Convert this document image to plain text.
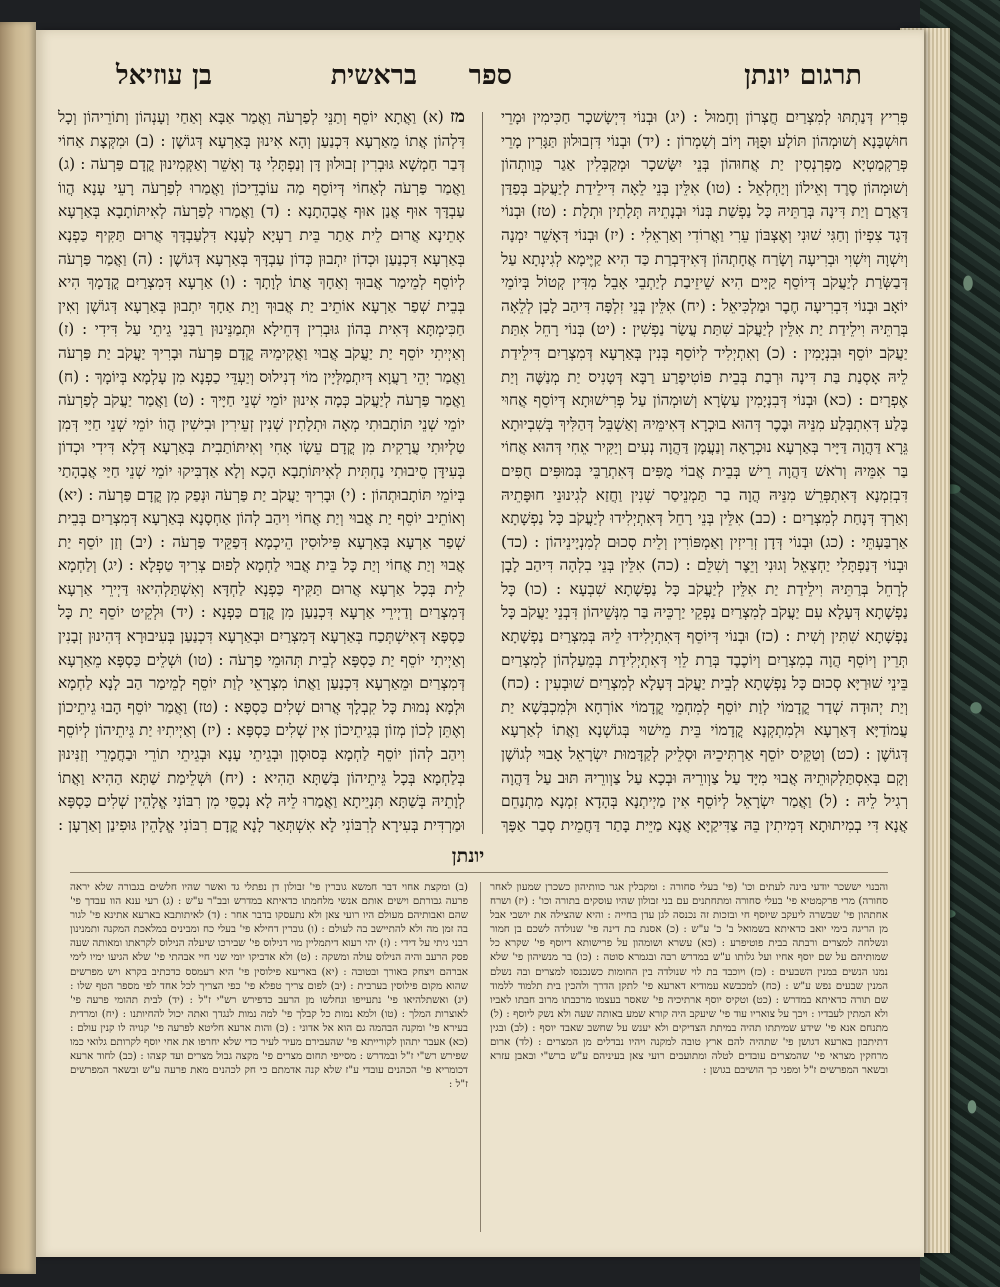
תרגום יונתן
ספר
בראשית
בן עוזיאל

פְּרִיץ דְּנַתְתּוּ לְמִצְרַיִם חֲצְרוֹן וְחָמוּל : (יג) וּבְנוֹי דִּיְשָׂשכָר חַכִּימִין וּמָרֵי חוּשְׁבָּנָא וְשׁוּמְהוֹן תּוֹלָע וּפֻוָּה וְיוֹב וְשִׁמְרוֹן : (יד) וּבְנוֹי דִּזְבוּלוּן תַּגָּרִין מָרֵי פְּרַקְמַטְיָא מַפְרְנְסִין יַת אֲחוּהוֹן בְּנֵי יִשָּׂשכָר וּמְקַבְּלִין אַגַר כְּוַותְהוֹן וְשׁוּמְהוֹן סֶרֶד וְאֵילוֹן וְיַחְלְאֵל : (טו) אִלֵּין בְּנֵי לֵאָה דִּילֵידַת לְיַעֲקֹב בְּפַדַּן דַּאֲרָם וְיַת דִּינָה בְּרַתֵּיהּ כָּל נַפְשַׁת בְּנוֹי וּבְנָתֵיהּ תְּלָתִין וּתְלָת : (טז) וּבְנוֹי דְּגָד צִפְיוֹן וְחַגִּי שׁוּנִי וְאֶצְבּוֹן עֵרִי וַאֲרוֹדִי וְאַרְאֵלִי : (יז) וּבְנוֹי דְּאָשֵׁר יִמְנָה וְיִשְׁוָה וְיִשְׁוִי וּבְרִיעָה וְשָׂרַח אֲחָתְהוֹן דְּאִידְּבְרַת כַּד הִיא קַיֶּימָא לְגִינְתָא עַל דְּבַשְּׂרַת לְיַעֲקֹב דְּיוֹסֵף קַיָּים הִיא שֵׁיזֵיבַת לְיַתְבֵי אָבֵל מִדִּין קְטוֹל בְּיוֹמֵי יוֹאָב וּבְנוֹי דִּבְרִיעָה חֶבֶר וּמַלְכִּיאֵל : (יח) אִלֵּין בְּנֵי זִלְפָּה דִּיהַב לָבָן לְלֵאָה בְּרַתֵּיהּ וִילֵידַת יַת אִלֵּין לְיַעֲקֹב שִׁתַּת עֲשַׂר נַפְשִׁין : (יט) בְּנוֹי רָחֵל אִתַּת יַעֲקֹב יוֹסֵף וּבִנְיָמִין : (כ) וְאִתְיְלִיד לְיוֹסֵף בְּנִין בְּאַרְעָא דְּמִצְרַיִם דִּילֵידַת לֵיהּ אָסְנַת בַּת דִּינָה וּרְבַת בְּבֵית פּוֹטִיפֶרַע רַבָּא דְּטָנִיס יַת מְנַשֶּׁה וְיַת אֶפְרָיִם : (כא) וּבְנוֹי דְּבִנְיָמִין עַשְׂרָא וְשׁוּמְהוֹן עַל פְּרִישׁוּתָא דְּיוֹסֵף אֲחוּי בֶּלַע דְּאִתְבְּלַע מִנֵּיהּ וּבֶכֶר דְּהוּא בוּכְרָא דְּאִימֵּיהּ וְאַשְׁבֵּל דְּהַלִּיךְ בְּשִׁבְיוּתָא גֵּרָא דַּהֲוָה דַּיָּיר בְּאַרְעָא נוּכְרָאָה וְנַעֲמָן דַּהֲוָה נְעִים וְיַקִּיר אֵחִי דְּהוּא אֲחוֹי בַּר אִמֵּיהּ וְרֹאשׁ דַּהֲוָה רֵישׁ בְּבֵית אֲבוֹי מֻפִּים דְּאִתְרַבֵּי בְּמוּפִּים חֻפִּים דִּבְזִמְנָא דְּאִתְפְּרֵשׁ מִנֵּיהּ הֲוָה בַר תַּמְנֵיסַר שְׁנִין וַחֲזַא לְגִינוּנֵי חוּפָּתֵיהּ וְאַרְדְּ דְּנָחַת לְמִצְרַיִם : (כב) אִלֵּין בְּנֵי רָחֵל דְּאִתְיְלִידוּ לְיַעֲקֹב כָּל נַפְשָׁתָא אַרְבַּעְתֵּי : (כג) וּבְנוֹי דְּדָן זְרִיזִין וְאַמְפּוֹרִין וְלֵית סְכוּם לְמִנְיָינֵיהוֹן : (כד) וּבְנוֹי דְּנַפְתָּלִי יַחְצְאֵל וְגוּנִי וְיֵצֶר וְשִׁלֵּם : (כה) אִלֵּין בְּנֵי בִלְהָה דִּיהַב לָבָן לְרָחֵל בְּרַתֵּיהּ וִילֵידַת יַת אִלֵּין לְיַעֲקֹב כָּל נַפְשָׁתָא שִׁבְעָא : (כו) כָּל נַפְשָׁתָא דְּעָלָא עִם יַעֲקֹב לְמִצְרַיִם נַפְקֵי יַרְכֵּיהּ בַּר מִנְּשֵׁיהוֹן דִּבְנֵי יַעֲקֹב כָּל נַפְשָׁתָא שִׁתִּין וְשִׁית : (כז) וּבְנוֹי דְּיוֹסֵף דְּאִתְיְלִידוּ לֵיהּ בְּמִצְרַיִם נַפְשָׁתָא תְּרֵין וְיוֹסֵף הֲוָה בְמִצְרַיִם וְיוֹכֶבֶד בְּרַת לֵוִי דְּאִתְיְלִידַת בְּמֵעַלְהוֹן לְמִצְרַיִם בֵּינֵי שׁוּרַיָּא סְכוּם כָּל נַפְשָׁתָא לְבֵית יַעֲקֹב דְּעָלָא לְמִצְרַיִם שׁוּבְעִין : (כח) וְיַת יְהוּדָה שְׁדַר קֳדָמוֹי לְוַת יוֹסֵף לְמִחְמֵי קֳדָמוֹי אוֹרְחָא וּלְמִכְבְּשָׁא יַת עֲמוֹדַיָּא דְּאַרְעָא וּלְמִתְקְנָא קֳדָמוֹי בֵּית מֵישׁוּי בְּגוֹשְׁנָא וַאֲתוֹ לְאַרְעָא דְּגוֹשֶׁן : (כט) וְטַקֵּיס יוֹסֵף אַרְתִּיכֵיהּ וּסְלֵיק לְקַדָּמוּת יִשְׂרָאֵל אָבוּי לְגוֹשֶׁן וְקָם בְּאִסְתַּלְקוּתֵיהּ אֲבוּי מִיָּד עַל צַוְורֵיהּ וּבְכָא עַל צַוְורֵיהּ תּוּב עַל דַּהֲוָה רְגִיל לֵיהּ : (ל) וַאֲמַר יִשְׂרָאֵל לְיוֹסֵף אִין מַיְיתְנָא בְּהָדָא זִמְנָא מִתְנַחֵם אֲנָא דִּי בְמִיתוּתָא דְּמִיתִין בֵּהּ צַדִּיקַיָּא אֲנָא מַיֵּית בָּתַר דַּחֲמֵית סְבַר אַפָּךְ

מז (א) וַאֲתָא יוֹסֵף וְתַנֵּי לְפַרְעֹה וַאֲמַר אַבָּא וְאַחַי וְעָנְהוֹן וְתוֹרֵיהוֹן וְכָל דִּלְהוֹן אֲתוֹ מֵאַרְעָא דִּכְנַעַן וְהָא אִינוּן בְּאַרְעָא דְּגוֹשֶׁן : (ב) וּמִקְּצָת אַחוֹי דְּבַר חַמְשָׁא גּוּבְרִין זְבוּלוּן דָּן וְנַפְתָּלִי גָּד וְאָשֵׁר וְאַקְּמִינוּן קֳדָם פַּרְעֹה : (ג) וַאֲמַר פַּרְעֹה לְאַחוֹי דְּיוֹסֵף מַה עוֹבָדֵיכוֹן וַאֲמַרוּ לְפַרְעֹה רָעֵי עָנָא הֲווֹ עַבְדָּךְ אוּף אֲנַן אוּף אֲבָהָתָנָא : (ד) וַאֲמַרוּ לְפַרְעֹה לְאִיתּוֹתָבָא בְּאַרְעָא אָתֵינָא אֲרוּם לֵית אַתַר בֵּית רַעְיָא לְעָנָא דִּלְעַבְדָּךְ אֲרוּם תַּקִּיף כַּפְנָא בְּאַרְעָא דִּכְנַעַן וּכְדוֹן יִתְבוּן כְּדוֹן עַבְדָּךְ בְּאַרְעָא דְּגוֹשֶׁן : (ה) וַאֲמַר פַּרְעֹה לְיוֹסֵף לְמֵימַר אֲבוּךְ וְאַחָךְ אֲתוֹ לְוָתָךְ : (ו) אַרְעָא דְּמִצְרַיִם קֳדָמָךְ הִיא בְּבֵית שְׁפַר אַרְעָא אוֹתֵיב יַת אֲבוּךְ וְיַת אַחָךְ יִתְבוּן בְּאַרְעָא דְּגוֹשֶׁן וְאִין חַכִּימְתָּא דְּאִית בְּהוֹן גּוּבְרִין דְּחֵילָא וּתְמַנֵּינוּן רַבָּנֵי גֵיתֵי עַל דִּידִי : (ז) וְאַיְיתִי יוֹסֵף יַת יַעֲקֹב אֲבוּי וַאֲקִימֵיהּ קֳדָם פַּרְעֹה וּבָרִיךְ יַעֲקֹב יַת פַּרְעֹה וַאֲמַר יְהֵי רַעֲוָא דְּיִתְמַלְּיָין מוֹי דְנִילוּס וְיַעְדֵּי כַפְנָא מִן עָלְמָא בְּיוֹמָךְ : (ח) וַאֲמַר פַּרְעֹה לְיַעֲקֹב כְּמָה אִינוּן יוֹמֵי שְׁנֵי חַיָּיךְ : (ט) וַאֲמַר יַעֲקֹב לְפַרְעֹה יוֹמֵי שְׁנֵי תּוֹתָבוּתִי מְאָה וּתְלָתִין שְׁנִין זְעֵירִין וּבִישִׁין הֲווֹ יוֹמֵי שְׁנֵי חַיַּי דְּמִן טַלְיוּתִי עֲרָקִית מִן קֳדָם עֵשָׂו אָחִי וְאִיתּוֹתַבִית בְּאַרְעָא דְּלָא דִּידִי וּכְדוֹן בְּעִידָּן סֵיבוּתִי נַחְתִּית לְאִיתּוֹתָבָא הָכָא וְלָא אַדְבִּיקוּ יוֹמֵי שְׁנֵי חַיַּי אֲבָהָתַי בְּיוֹמֵי תּוֹתָבוּתְהוֹן : (י) וּבָרִיךְ יַעֲקֹב יַת פַּרְעֹה וּנְפַק מִן קֳדָם פַּרְעֹה : (יא) וְאוֹתֵיב יוֹסֵף יַת אֲבוּי וְיַת אֲחוֹי וִיהַב לְהוֹן אַחְסָנָא בְּאַרְעָא דְּמִצְרַיִם בְּבֵית שְׁפַר אַרְעָא בְּאַרְעָא פִּילוּסִין הֵיכְמָא דְּפַקֵּיד פַּרְעֹה : (יב) וְזַן יוֹסֵף יַת אֲבוּי וְיַת אֲחוֹי וְיַת כָּל בֵּית אֲבוּי לַחְמָא לְפוּם צְרִיךְ טַפְלָא : (יג) וְלַחְמָא לֵית בְּכָל אַרְעָא אֲרוּם תַּקִּיף כַּפְנָא לַחְדָּא וְאִשְׁתַּלְהִיאוּ דַּיְירֵי אַרְעָא דְּמִצְרַיִם וְדַיְירֵי אַרְעָא דִּכְנַעַן מִן קֳדָם כַּפְנָא : (יד) וּלְקֵיט יוֹסֵף יַת כָּל כַּסְפָּא דְּאִישְׁתְּכַח בְּאַרְעָא דְּמִצְרַיִם וּבְאַרְעָא דִּכְנַעַן בְּעִיבוּרָא דְּהִינוּן זְבָנִין וְאַיְיתִי יוֹסֵף יַת כַּסְפָּא לְבֵית תְּהוּמֵי פַרְעֹה : (טו) וּשְׁלֵים כַּסְפָּא מֵאַרְעָא דְּמִצְרַיִם וּמֵאַרְעָא דִּכְנַעַן וַאֲתוֹ מִצְרָאֵי לְוַת יוֹסֵף לְמֵימַר הַב לָנָא לַחְמָא וּלְמָא נְמוּת כָּל קִבְלָךְ אֲרוּם שְׁלִים כַּסְפָּא : (טז) וַאֲמַר יוֹסֵף הָבוּ גֵיתֵיכוֹן וְאֶתֵּן לְכוֹן מְזוֹן בְּגֵיתֵיכוֹן אִין שְׁלִים כַּסְפָּא : (יז) וְאַיְיתִיוּ יַת גֵּיתֵיהוֹן לְיוֹסֵף וִיהַב לְהוֹן יוֹסֵף לַחְמָא בְּסוּסְוָן וּבְגֵיתֵי עָנָא וּבְגֵיתֵי תוֹרֵי וּבַחֲמָרֵי וְזַנִּינוּן בְּלַחְמָא בְּכָל גֵּיתֵיהוֹן בְּשַׁתָּא הַהִיא : (יח) וּשְׁלֵימַת שַׁתָּא הַהִיא וַאֲתוֹ לְוָתֵיהּ בְּשַׁתָּא תִּנְיֵיתָא וַאֲמַרוּ לֵיהּ לָא נְכַסֵּי מִן רִבּוֹנִי אֱלָהֵין שְׁלִים כַּסְפָּא וּמַרְדִּית בְּעִירָא לְרִבּוֹנִי לָא אִשְׁתְּאַר לָנָא קֳדָם רִבּוֹנִי אֱלָהֵין גּוּפִינַן וְאַרְעָן :

יונתן

והבנוי יששכר יודעי בינה לעתים וכו' (פי' בעלי סחורה : ומקבלין אגר כוותיהון כשכרן שמעון לאחר סחורה) מרי פרקמטיא פי' בעלי סחורה ומתחתנים עם בני זבולון שהיו עוסקים בתורה וכו' : (יז) ושרח אחתהון פי' שבשרה ליעקב שיוסף חי ובזכות זה נכנסה לגן עדן בחייה : והיא שהצילה את יושבי אבל מן הריגה בימי יואב כדאיתא בשמואל ב' כ' ע"ש : (כ) אסנת בת דינה פי' שנולדה לשכם בן חמור ונשלחה למצרים ורבתה בבית פוטיפרע : (כא) עשרא ושומהון על פרישותא דיוסף פי' שקרא כל שמותיהם על שם יוסף אחיו ועל גלותו ע"ש במדרש רבה ובגמרא סוטה : (כו) בר מנשיהון פי' שלא נמנו הנשים במנין השבעים : (כז) ויוכבד בת לוי שנולדה בין החומות כשנכנסו למצרים ובה נשלם המנין שבעים נפש ע"ש : (כח) למכבשא עמודיא דארעא פי' לתקן הדרך ולהכין בית תלמוד ללמוד שם תורה כדאיתא במדרש : (כט) וטקיס יוסף ארתיכיה פי' שאסר בעצמו מרכבתו מרוב חבתו לאביו ולא המתין לעבדיו : ויבך על צואריו עוד פי' שיעקב היה קורא שמע באותה שעה ולא נשק ליוסף : (ל) מתנחם אנא פי' שידע שמיתתו תהיה במיתת הצדיקים ולא יענש על שחשב שאבד יוסף : (לב) ובגין דתיתבון בארעא דגושן פי' שתהיה להם ארץ טובה למקנה ויהיו נבדלים מן המצרים : (לד) ארום מרחקין מצראי פי' שהמצרים עובדים לטלה ומתועבים רועי צאן בעיניהם ע"ש ברש"י ובאבן עזרא ובשאר המפרשים ז"ל ומפני כך הושיבם בגושן :

(ב) ומקצת אחוי דבר חמשא גוברין פי' זבולון דן נפתלי גד ואשר שהיו חלשים בגבורה שלא יראה פרעה גבורתם וישים אותם אנשי מלחמתו כדאיתא במדרש ובב"ר ע"ש : (ג) רעי ענא הוו עבדך פי' שהם ואבותיהם מעולם היו רועי צאן ולא נתעסקו בדבר אחר : (ד) לאיתותבא בארעא אתינא פי' לגור בה זמן מה ולא להתיישב בה לעולם : (ו) גוברין דחילא פי' בעלי כח ומבינים במלאכת המקנה ותמנינון רבני גיתי על דידי : (ז) יהי רעוא דיתמליין מוי דנילוס פי' שבירכו שיעלה הנילוס לקראתו ומאותה שעה פסק הרעב והיה הנילוס עולה ומשקה : (ט) ולא אדביקו יומי שני חיי אבהתי פי' שלא הגיעו ימיו לימי אברהם ויצחק באורך ובטובה : (יא) באריעא פילוסין פי' היא רעמסס כדכתיב בקרא ויש מפרשים שהוא מקום פילוסין בערבית : (יב) לפום צריך טפלא פי' כפי הצריך לכל אחד לפי מספר הטף שלו : (יג) ואשתלהיאו פי' נתעייפו ונחלשו מן הרעב כדפירש רש"י ז"ל : (יד) לבית תהומי פרעה פי' לאוצרות המלך : (טו) ולמא נמות כל קבלך פי' למה נמות לנגדך ואתה יכול להחיותנו : (יח) ומרדית בעירא פי' ומקנה הבהמה גם הוא אל אדוני : (כ) והות ארעא חליטא לפרעה פי' קנויה לו קנין עולם : (כא) אעבר יתהון לקורייתא פי' שהעבירם מעיר לעיר כדי שלא יחרפו את אחי יוסף לקרותם גלואי כמו שפירש רש"י ז"ל ובמדרש : מסייפי תחום מצרים פי' מקצה גבול מצרים ועד קצהו : (כב) לחוד ארעא דכומריא פי' הכהנים עובדי ע"ז שלא קנה אדמתם כי חק לכהנים מאת פרעה ע"ש ובשאר המפרשים ז"ל :
